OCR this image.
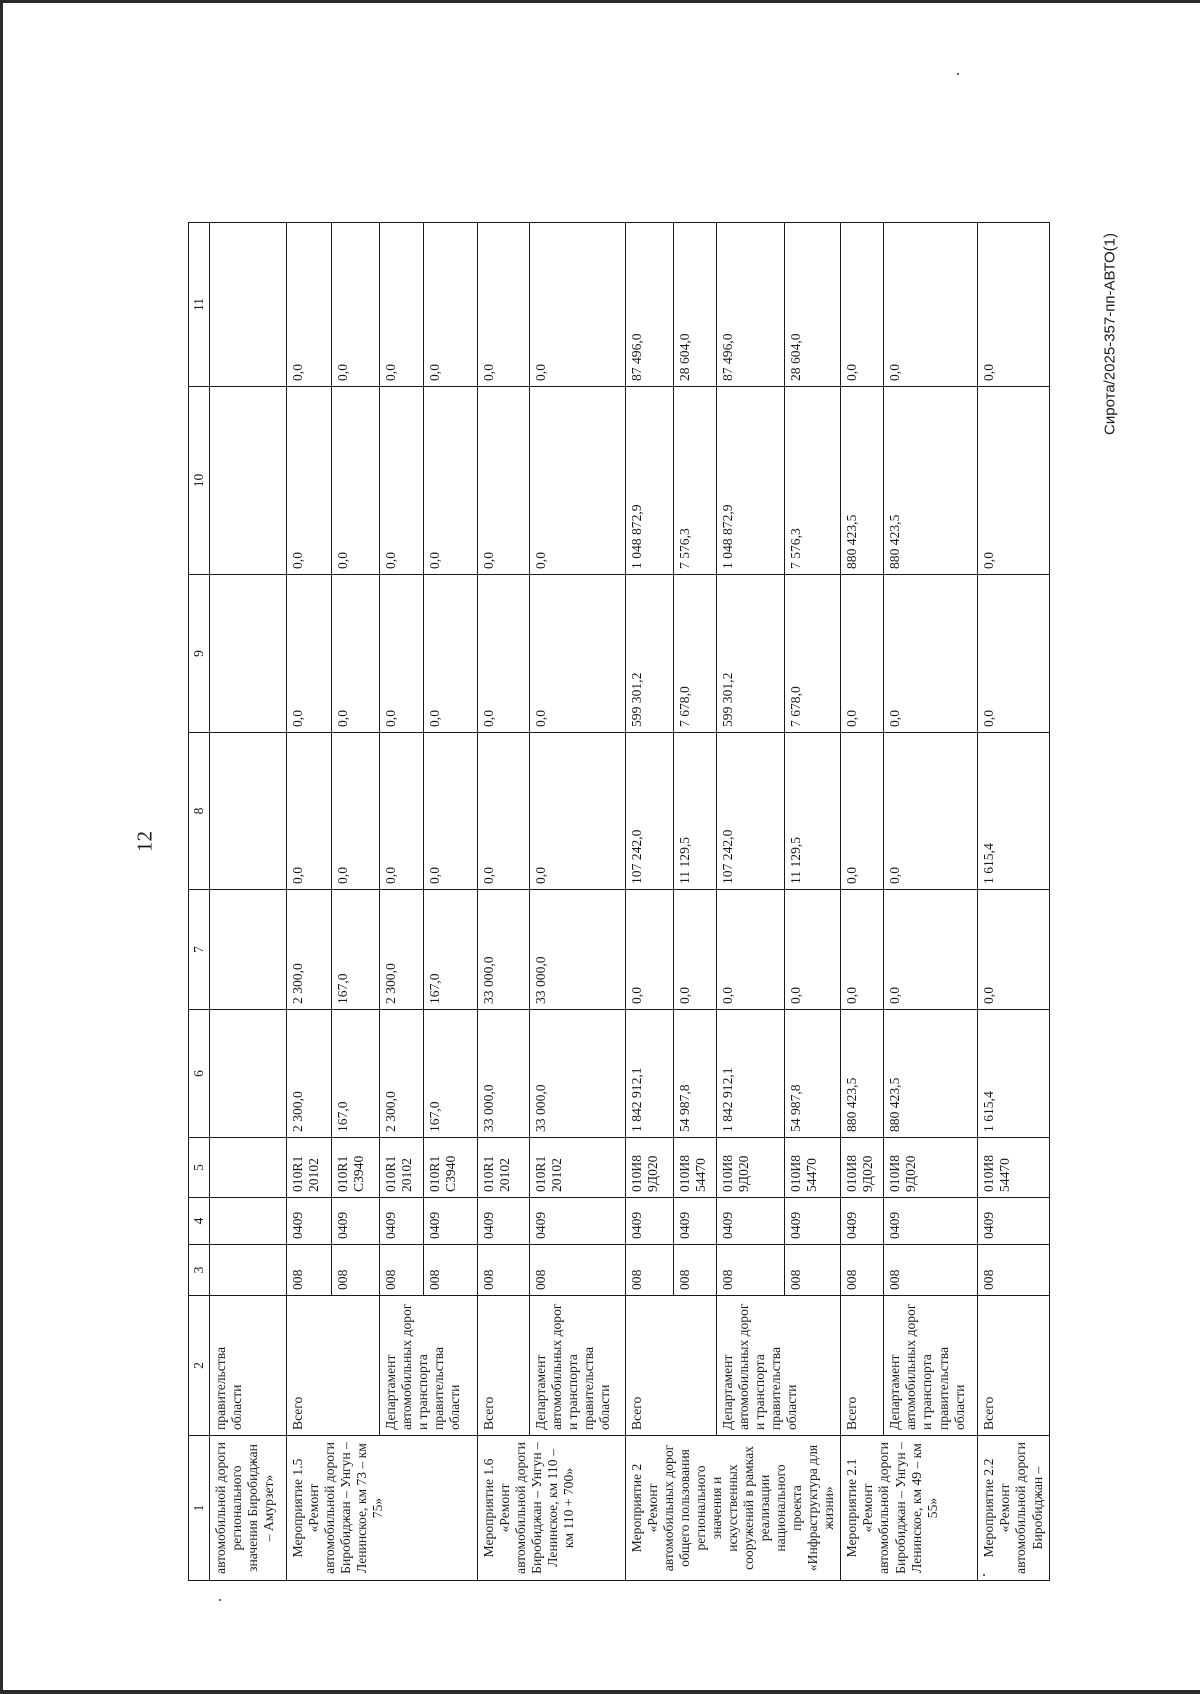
12
Сирота/2025-357-пп-АВТО(1)
1	2	3	4	5	6	7	8	9	10	11
автомобильной дороги регионального значения Биробиджан – Амурзет»	правительства области									
Мероприятие 1.5 «Ремонт автомобильной дороги Биробиджан – Унгун – Ленинское, км 73 – км 75»	Всего	008	0409	010R1 20102	2 300,0	2 300,0	0,0	0,0	0,0	0,0
		008	0409	010R1 С3940	167,0	167,0	0,0	0,0	0,0	0,0
	Департамент автомобильных дорог и транспорта правительства области	008	0409	010R1 20102	2 300,0	2 300,0	0,0	0,0	0,0	0,0
		008	0409	010R1 С3940	167,0	167,0	0,0	0,0	0,0	0,0
Мероприятие 1.6 «Ремонт автомобильной дороги Биробиджан – Унгун – Ленинское, км 110 – км 110 + 700»	Всего	008	0409	010R1 20102	33 000,0	33 000,0	0,0	0,0	0,0	0,0
	Департамент автомобильных дорог и транспорта правительства области	008	0409	010R1 20102	33 000,0	33 000,0	0,0	0,0	0,0	0,0
Мероприятие 2 «Ремонт автомобильных дорог общего пользования регионального значения и искусственных сооружений в рамках реализации национального проекта «Инфраструктура для жизни»	Всего	008	0409	010И8 9Д020	1 842 912,1	0,0	107 242,0	599 301,2	1 048 872,9	87 496,0
		008	0409	010И8 54470	54 987,8	0,0	11 129,5	7 678,0	7 576,3	28 604,0
	Департамент автомобильных дорог и транспорта правительства области	008	0409	010И8 9Д020	1 842 912,1	0,0	107 242,0	599 301,2	1 048 872,9	87 496,0
		008	0409	010И8 54470	54 987,8	0,0	11 129,5	7 678,0	7 576,3	28 604,0
Мероприятие 2.1 «Ремонт автомобильной дороги Биробиджан – Унгун – Ленинское, км 49 – км 55»	Всего	008	0409	010И8 9Д020	880 423,5	0,0	0,0	0,0	880 423,5	0,0
	Департамент автомобильных дорог и транспорта правительства области	008	0409	010И8 9Д020	880 423,5	0,0	0,0	0,0	880 423,5	0,0
Мероприятие 2.2 «Ремонт автомобильной дороги Биробиджан –	Всего	008	0409	010И8 54470	1 615,4	0,0	1 615,4	0,0	0,0	0,0
